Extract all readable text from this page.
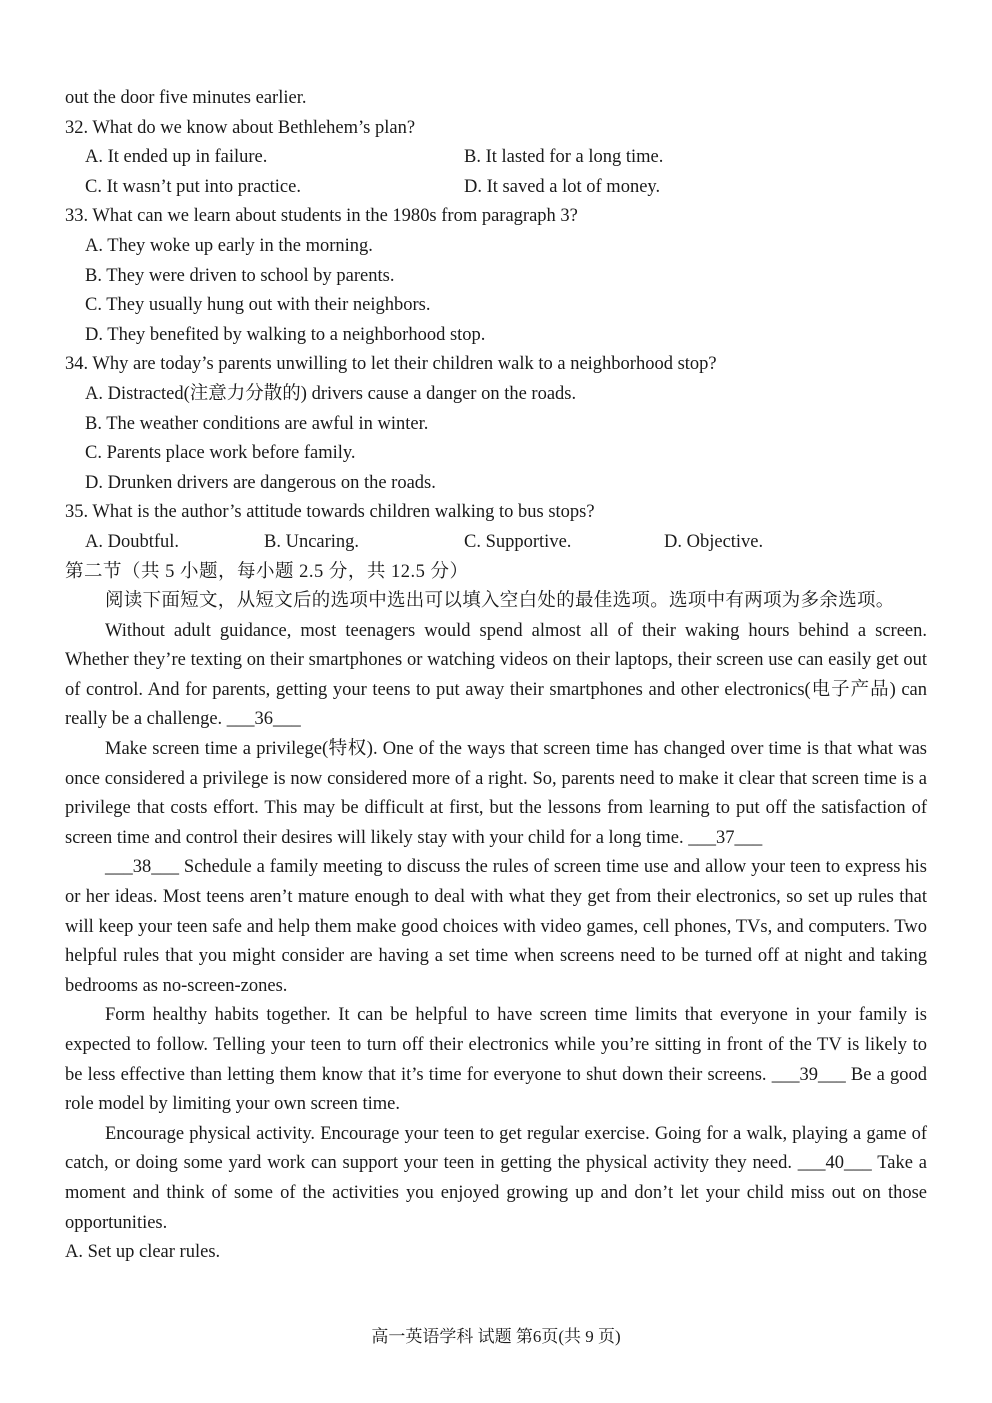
out the door five minutes earlier.
32. What do we know about Bethlehem’s plan?
A. It ended up in failure.	B. It lasted for a long time.
C. It wasn’t put into practice.	D. It saved a lot of money.
33. What can we learn about students in the 1980s from paragraph 3?
A. They woke up early in the morning.
B. They were driven to school by parents.
C. They usually hung out with their neighbors.
D. They benefited by walking to a neighborhood stop.
34. Why are today’s parents unwilling to let their children walk to a neighborhood stop?
A. Distracted(注意力分散的) drivers cause a danger on the roads.
B. The weather conditions are awful in winter.
C. Parents place work before family.
D. Drunken drivers are dangerous on the roads.
35. What is the author’s attitude towards children walking to bus stops?
A. Doubtful.	B. Uncaring.	C. Supportive.	D. Objective.
第二节（共 5 小题，每小题 2.5 分，共 12.5 分）
阅读下面短文，从短文后的选项中选出可以填入空白处的最佳选项。选项中有两项为多余选项。
Without adult guidance, most teenagers would spend almost all of their waking hours behind a screen. Whether they’re texting on their smartphones or watching videos on their laptops, their screen use can easily get out of control. And for parents, getting your teens to put away their smartphones and other electronics(电子产品) can really be a challenge. ___36___
Make screen time a privilege(特权). One of the ways that screen time has changed over time is that what was once considered a privilege is now considered more of a right. So, parents need to make it clear that screen time is a privilege that costs effort. This may be difficult at first, but the lessons from learning to put off the satisfaction of screen time and control their desires will likely stay with your child for a long time. ___37___
___38___ Schedule a family meeting to discuss the rules of screen time use and allow your teen to express his or her ideas. Most teens aren’t mature enough to deal with what they get from their electronics, so set up rules that will keep your teen safe and help them make good choices with video games, cell phones, TVs, and computers. Two helpful rules that you might consider are having a set time when screens need to be turned off at night and taking bedrooms as no-screen-zones.
Form healthy habits together. It can be helpful to have screen time limits that everyone in your family is expected to follow. Telling your teen to turn off their electronics while you’re sitting in front of the TV is likely to be less effective than letting them know that it’s time for everyone to shut down their screens. ___39___ Be a good role model by limiting your own screen time.
Encourage physical activity. Encourage your teen to get regular exercise. Going for a walk, playing a game of catch, or doing some yard work can support your teen in getting the physical activity they need. ___40___ Take a moment and think of some of the activities you enjoyed growing up and don’t let your child miss out on those opportunities.
A. Set up clear rules.
高一英语学科 试题 第6页(共 9 页)
